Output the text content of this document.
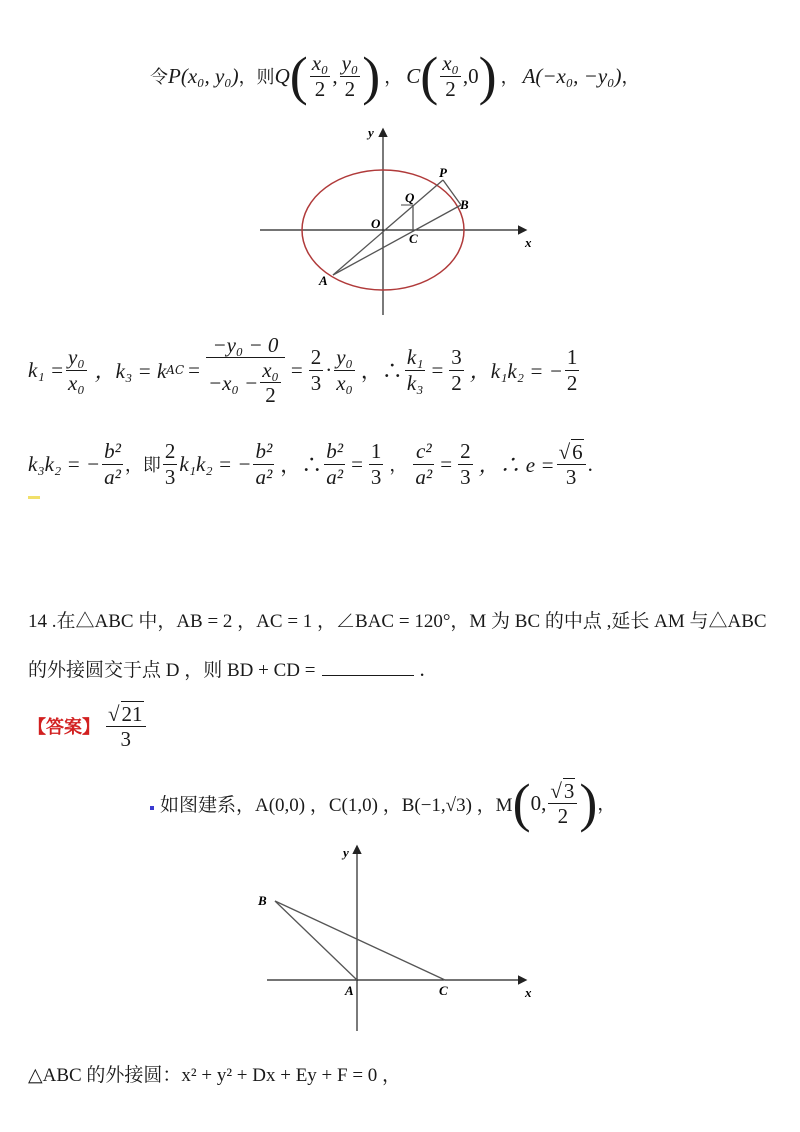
令 P(x₀, y₀) ，则 Q ( $\frac{\text{x₀}}{2}$ , $\frac{\text{y₀}}{2}$ ) ， C ( $\frac{\text{x₀}}{2} ,0$ ) ， A(−x₀, −y₀) ，
y
x
O
P
Q	B
C
A
$k_1 = \frac{\text{y₀}}{\text{x₀}}$ ，k₃ = k AC = $\frac{\text{−y₀ − 0}}{-x_0 - \frac{\text{x₀}}{2}} = \frac{2}{3} \cdot \frac{\text{y₀}}{\text{x₀}}$ ，∴ $\frac{\text{k₁}}{\text{k₃}} = \frac{3}{2}$ ，k₁k₂ = − $\frac{1}{2}$
k₃k₂ = − $\frac{\text{b²}}{\text{a²}}$ ，即 $\frac{2}{3} k_1k_2$ = − $\frac{\text{b²}}{\text{a²}}$ ，∴ $\frac{\text{b²}}{\text{a²}} = \frac{1}{3}$ ， $\frac{\text{c²}}{\text{a²}} = \frac{2}{3}$ ，∴ $e = \frac{√6}{3}$ .
14 .在△ABC 中，AB = 2 ，AC = 1 ，∠BAC = 120°，M 为 BC 的中点 ,延长 AM 与△ABC
的外接圆交于点 D ，则 BD + CD =	.
【答案】 $\frac{√21}{3}$
如图建系，A(0,0) ，C(1,0) ，B(−1,√3) ，M ( 0, $\frac{√3}{2}$ ) ，
y
x
B
A	C
△ABC 的外接圆：x² + y² + Dx + Ey + F = 0 ，
